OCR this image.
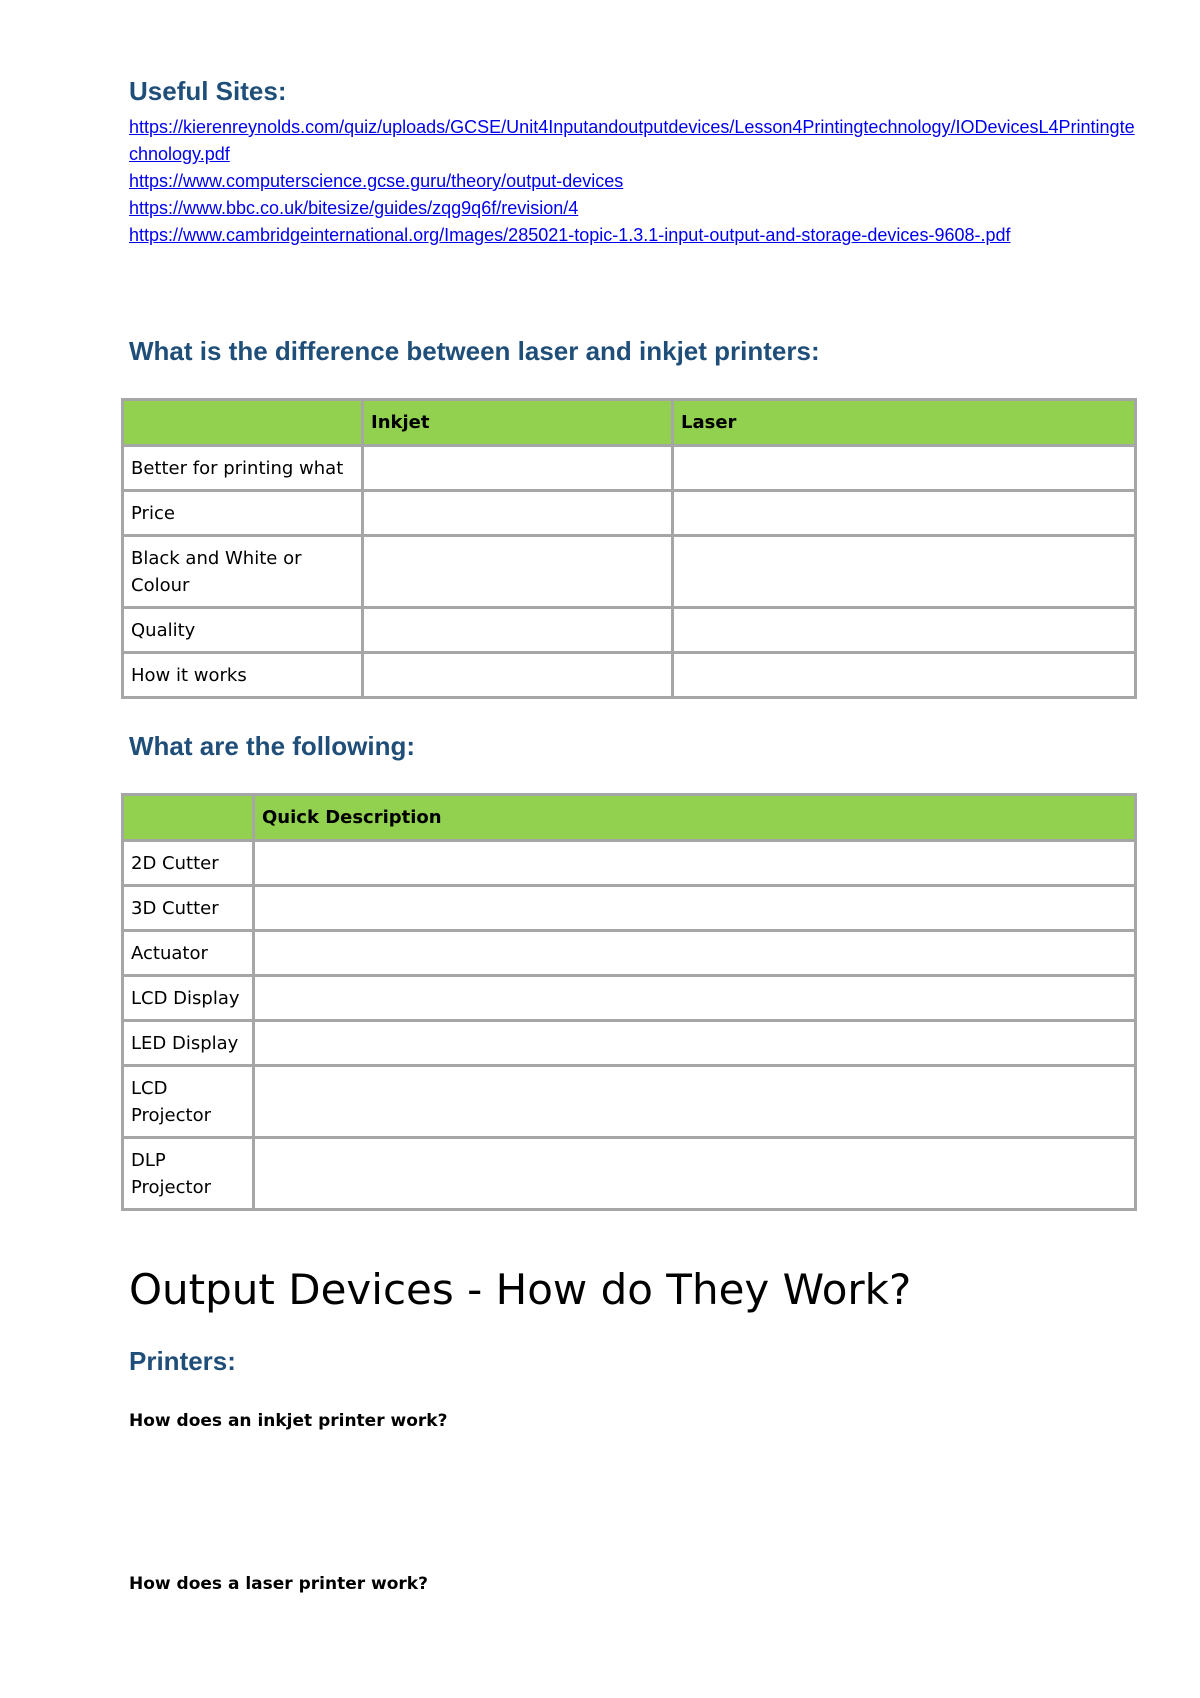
Useful Sites:
https://kierenreynolds.com/quiz/uploads/GCSE/Unit4Inputandoutputdevices/Lesson4Printingtechnology/IODevicesL4Printingtechnology.pdf
https://www.computerscience.gcse.guru/theory/output-devices
https://www.bbc.co.uk/bitesize/guides/zqg9q6f/revision/4
https://www.cambridgeinternational.org/Images/285021-topic-1.3.1-input-output-and-storage-devices-9608-.pdf
What is the difference between laser and inkjet printers:
	Inkjet	Laser
Better for printing what		
Price		
Black and White or Colour		
Quality		
How it works		
What are the following:
	Quick Description
2D Cutter	
3D Cutter	
Actuator	
LCD Display	
LED Display	
LCD Projector	
DLP Projector	
Output Devices - How do They Work?
Printers:
How does an inkjet printer work?
How does a laser printer work?
